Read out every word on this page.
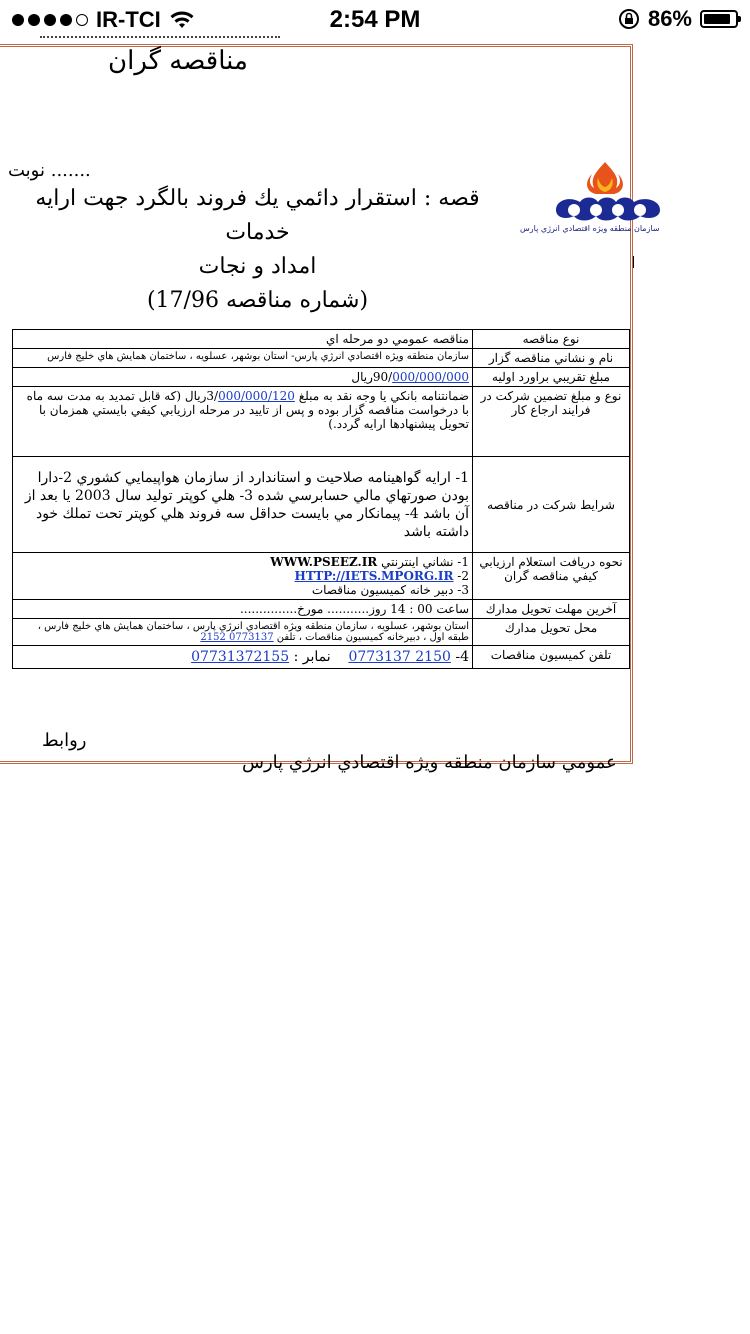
IR-TCI	2:54 PM	86%
مناقصه گران
نوبت .......
قصه : استقرار دائمي يك فروند بالگرد جهت ارايه خدمات
امداد و نجات
(شماره مناقصه 17/96)
سازمان منطقه ويژه اقتصادي انرژي پارس
نوع مناقصه	مناقصه عمومي دو مرحله اي
نام و نشاني مناقصه گزار	سازمان منطقه ويژه اقتصادي انرژي پارس- استان بوشهر، عسلويه ، ساختمان همايش هاي خليج فارس
مبلغ تقريبي براورد اوليه	90/000/000/000ريال
نوع و مبلغ تضمين شركت در فرايند ارجاع كار	ضمانتنامه بانكي يا وجه نقد به مبلغ 3/000/000/120ريال (كه قابل تمديد به مدت سه ماه با درخواست مناقصه گزار بوده و پس از تاييد در مرحله ارزيابي كيفي بايستي همزمان با تحويل پيشنهادها ارايه گردد.)
شرايط شركت در مناقصه	1- ارايه گواهينامه صلاحيت و استاندارد از سازمان هواپيمايي كشوري 2-دارا بودن صورتهاي مالي حسابرسي شده 3- هلي كوپتر توليد سال 2003 يا بعد از آن باشد 4- پيمانكار مي بايست حداقل سه فروند هلي كوپتر تحت تملك خود داشته باشد
نحوه دريافت استعلام ارزيابي كيفي مناقصه گران	1- نشاني اينترنتي WWW.PSEEZ.IR
2- HTTP://IETS.MPORG.IR
3- دبير خانه كميسيون مناقصات

آخرين مهلت تحويل مدارك	ساعت 00 : 14 روز........... مورخ...............
محل تحويل مدارك	استان بوشهر، عسلويه ، سازمان منطقه ويژه اقتصادي انرژي پارس ، ساختمان همايش هاي خليج فارس ، طبقه اول ، دبيرخانه كميسيون مناقصات ، تلفن 0773137 2152
تلفن كميسيون مناقصات	4- 2150 0773137    نمابر : 07731372155
روابط
عمومي سازمان منطقه ويژه اقتصادي انرژي پارس
